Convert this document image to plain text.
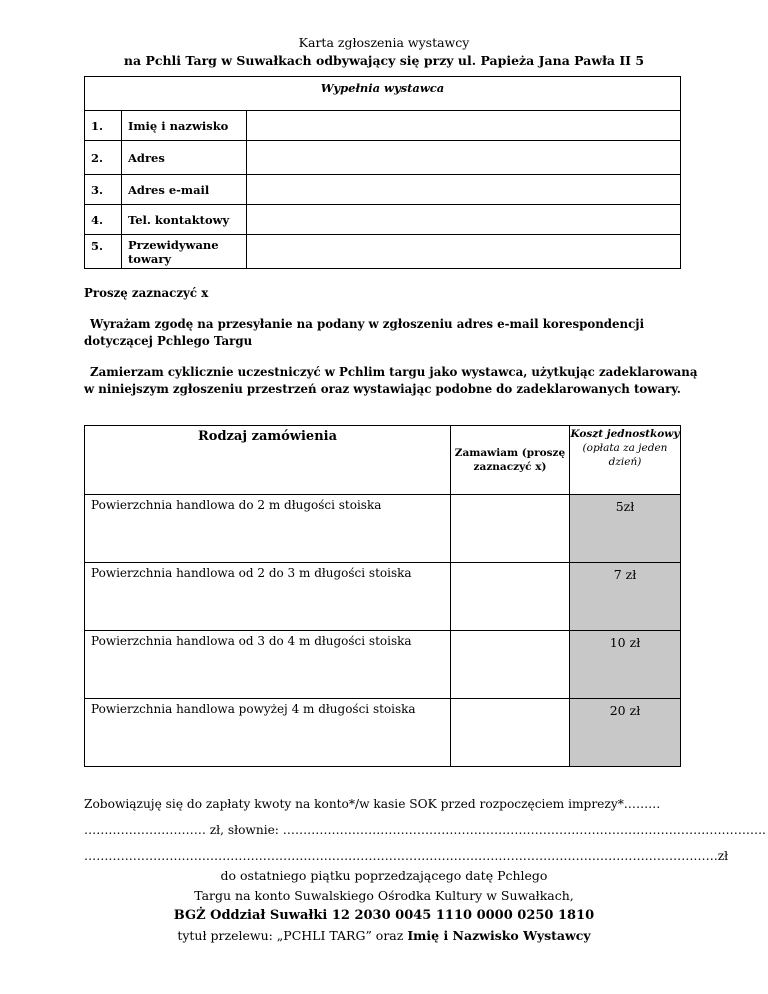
Karta zgłoszenia wystawcy
na Pchli Targ w Suwałkach odbywający się przy ul. Papieża Jana Pawła II 5
Wypełnia wystawca		
1.	Imię i nazwisko	
2.	Adres	
3.	Adres e-mail	
4.	Tel. kontaktowy	
5.	Przewidywane towary	
Proszę zaznaczyć x
Wyrażam zgodę na przesyłanie na podany w zgłoszeniu adres e-mail korespondencji dotyczącej Pchlego Targu
Zamierzam cyklicznie uczestniczyć w Pchlim targu jako wystawca, użytkując zadeklarowaną w niniejszym zgłoszeniu przestrzeń oraz wystawiając podobne do zadeklarowanych towary.
Rodzaj zamówienia	Zamawiam (proszę zaznaczyć x)	Koszt jednostkowy
(opłata za jeden dzień)

Powierzchnia handlowa do 2 m długości stoiska		5zł
Powierzchnia handlowa od 2 do 3 m długości stoiska		7 zł
Powierzchnia handlowa od 3 do 4 m długości stoiska		10 zł
Powierzchnia handlowa powyżej 4 m długości stoiska		20 zł
Zobowiązuję się do zapłaty kwoty na konto*/w kasie SOK przed rozpoczęciem imprezy*………
………………………… zł, słownie: ………………………………………………………………………………………………………..
…………………………………………………………………………………………………………………………………………zł
do ostatniego piątku poprzedzającego datę Pchlego
Targu na konto Suwalskiego Ośrodka Kultury w Suwałkach,
BGŻ Oddział Suwałki 12 2030 0045 1110 0000 0250 1810
tytuł przelewu: „PCHLI TARG” oraz Imię i Nazwisko Wystawcy
